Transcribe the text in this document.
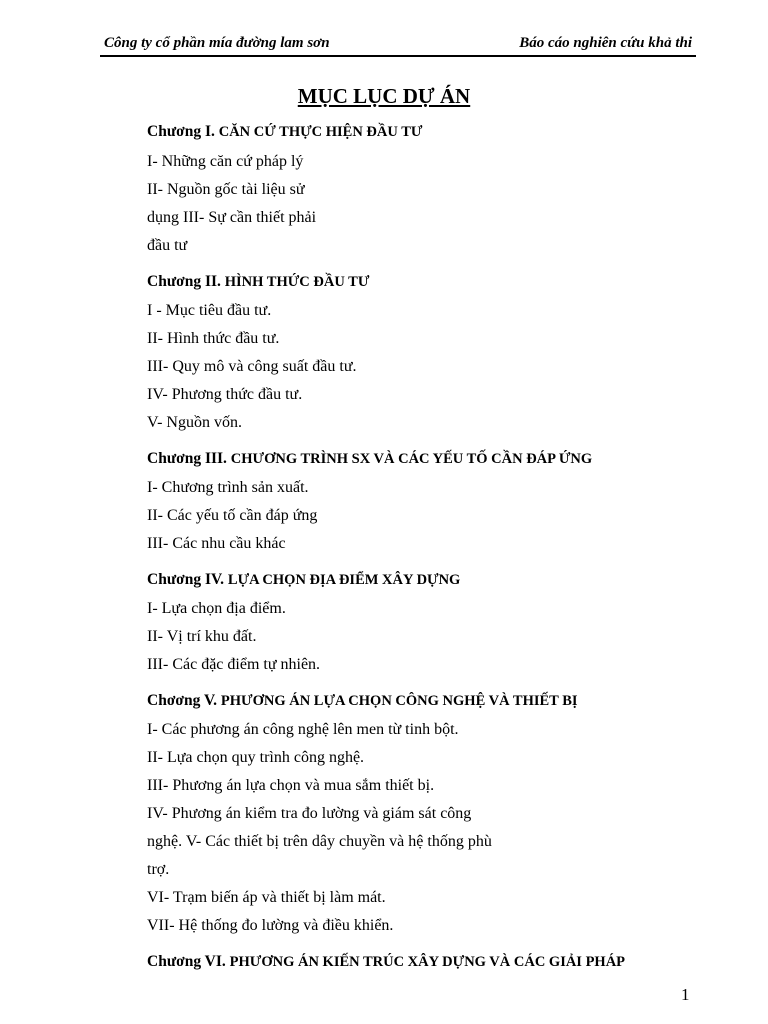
Công ty cổ phần mía đường lam sơn	Báo cáo nghiên cứu khả thi
MỤC LỤC DỰ ÁN
Chương I. CĂN CỨ THỰC HIỆN ĐẦU TƯ
I- Những căn cứ pháp lý
II- Nguồn gốc tài liệu sử
dụng III- Sự cần thiết phải
đầu tư
Chương II. HÌNH THỨC ĐẦU TƯ
I - Mục tiêu đầu tư.
II- Hình thức đầu tư.
III- Quy mô và công suất đầu tư.
IV- Phương thức đầu tư.
V- Nguồn vốn.
Chương III. CHƯƠNG TRÌNH SX VÀ CÁC YẾU TỐ CẦN ĐÁP ỨNG
I- Chương trình sản xuất.
II- Các yếu tố cần đáp ứng
III- Các nhu cầu khác
Chương IV. LỰA CHỌN ĐỊA ĐIỂM XÂY DỰNG
I- Lựa chọn địa điểm.
II- Vị trí khu đất.
III- Các đặc điểm tự nhiên.
Chơơng V. PHƯƠNG ÁN LỰA CHỌN CÔNG NGHỆ VÀ THIẾT BỊ
I- Các phương án công nghệ lên men từ tinh bột.
II- Lựa chọn quy trình công nghệ.
III- Phương án lựa chọn và mua sắm thiết bị.
IV- Phương án kiểm tra đo lường và giám sát công
nghệ. V- Các thiết bị trên dây chuyền và hệ thống phù
trợ.
VI- Trạm biến áp và thiết bị làm mát.
VII- Hệ thống đo lường và điều khiển.
Chương VI. PHƯƠNG ÁN KIẾN TRÚC XÂY DỰNG VÀ CÁC GIẢI PHÁP
1
